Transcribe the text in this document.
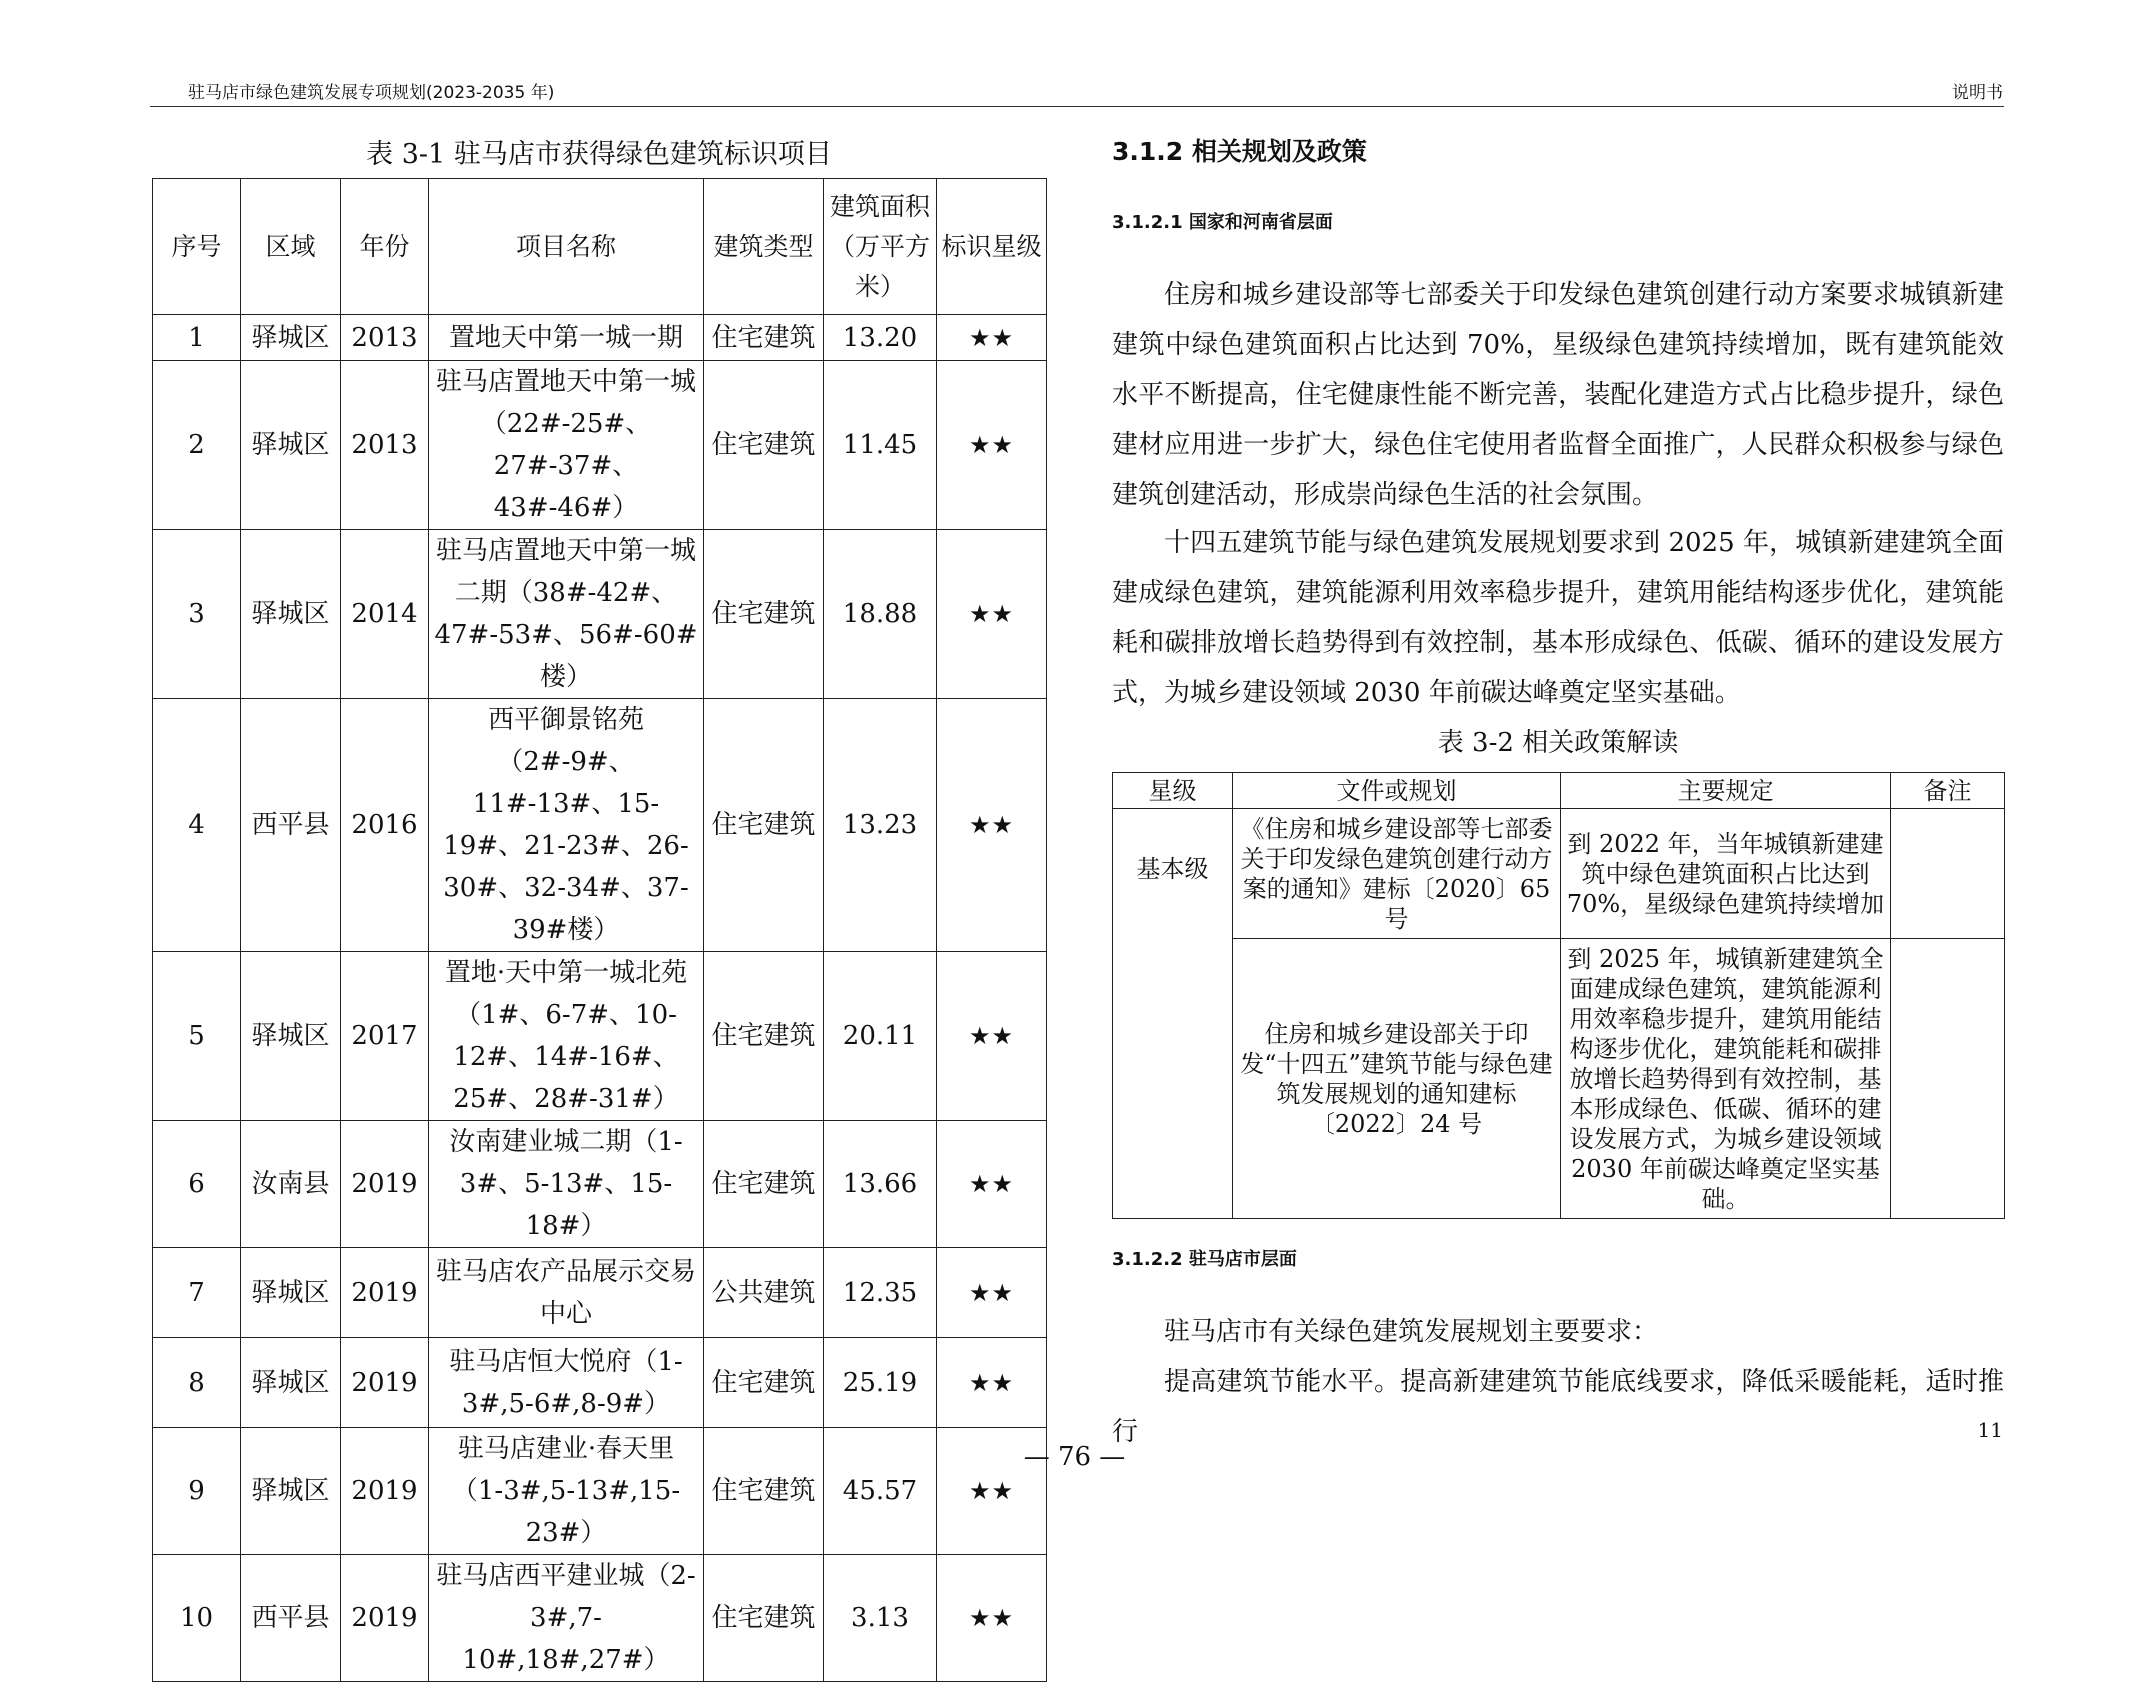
驻马店市绿色建筑发展专项规划(2023-2035 年)	说明书
表 3-1 驻马店市获得绿色建筑标识项目
序号	区域	年份	项目名称	建筑类型	建筑面积（万平方米）	标识星级
1	驿城区	2013	置地天中第一城一期	住宅建筑	13.20	★★
2	驿城区	2013	驻马店置地天中第一城（22#-25#、27#-37#、43#-46#）	住宅建筑	11.45	★★
3	驿城区	2014	驻马店置地天中第一城二期（38#-42#、47#-53#、56#-60#楼）	住宅建筑	18.88	★★
4	西平县	2016	西平御景铭苑（2#-9#、11#-13#、15-19#、21-23#、26-30#、32-34#、37-39#楼）	住宅建筑	13.23	★★
5	驿城区	2017	置地·天中第一城北苑（1#、6-7#、10-12#、14#-16#、25#、28#-31#）	住宅建筑	20.11	★★
6	汝南县	2019	汝南建业城二期（1-3#、5-13#、15-18#）	住宅建筑	13.66	★★
7	驿城区	2019	驻马店农产品展示交易中心	公共建筑	12.35	★★
8	驿城区	2019	驻马店恒大悦府（1-3#,5-6#,8-9#）	住宅建筑	25.19	★★
9	驿城区	2019	驻马店建业·春天里（1-3#,5-13#,15-23#）	住宅建筑	45.57	★★
10	西平县	2019	驻马店西平建业城（2-3#,7-10#,18#,27#）	住宅建筑	3.13	★★
3.1.2 相关规划及政策
3.1.2.1 国家和河南省层面

住房和城乡建设部等七部委关于印发绿色建筑创建行动方案要求城镇新建建筑中绿色建筑面积占比达到 70%，星级绿色建筑持续增加，既有建筑能效水平不断提高，住宅健康性能不断完善，装配化建造方式占比稳步提升，绿色建材应用进一步扩大，绿色住宅使用者监督全面推广，人民群众积极参与绿色建筑创建活动，形成崇尚绿色生活的社会氛围。

十四五建筑节能与绿色建筑发展规划要求到 2025 年，城镇新建建筑全面建成绿色建筑，建筑能源利用效率稳步提升，建筑用能结构逐步优化，建筑能耗和碳排放增长趋势得到有效控制，基本形成绿色、低碳、循环的建设发展方式，为城乡建设领域 2030 年前碳达峰奠定坚实基础。

表 3-2 相关政策解读
星级	文件或规划	主要规定	备注
基本级	《住房和城乡建设部等七部委关于印发绿色建筑创建行动方案的通知》建标〔2020〕65 号	到 2022 年，当年城镇新建建筑中绿色建筑面积占比达到 70%，星级绿色建筑持续增加	
	住房和城乡建设部关于印发“十四五”建筑节能与绿色建筑发展规划的通知建标〔2022〕24 号	到 2025 年，城镇新建建筑全面建成绿色建筑，建筑能源利用效率稳步提升，建筑用能结构逐步优化，建筑能耗和碳排放增长趋势得到有效控制，基本形成绿色、低碳、循环的建设发展方式，为城乡建设领域 2030 年前碳达峰奠定坚实基础。	
3.1.2.2 驻马店市层面

驻马店市有关绿色建筑发展规划主要要求：

提高建筑节能水平。提高新建建筑节能底线要求，降低采暖能耗，适时推行	11
— 76 —
